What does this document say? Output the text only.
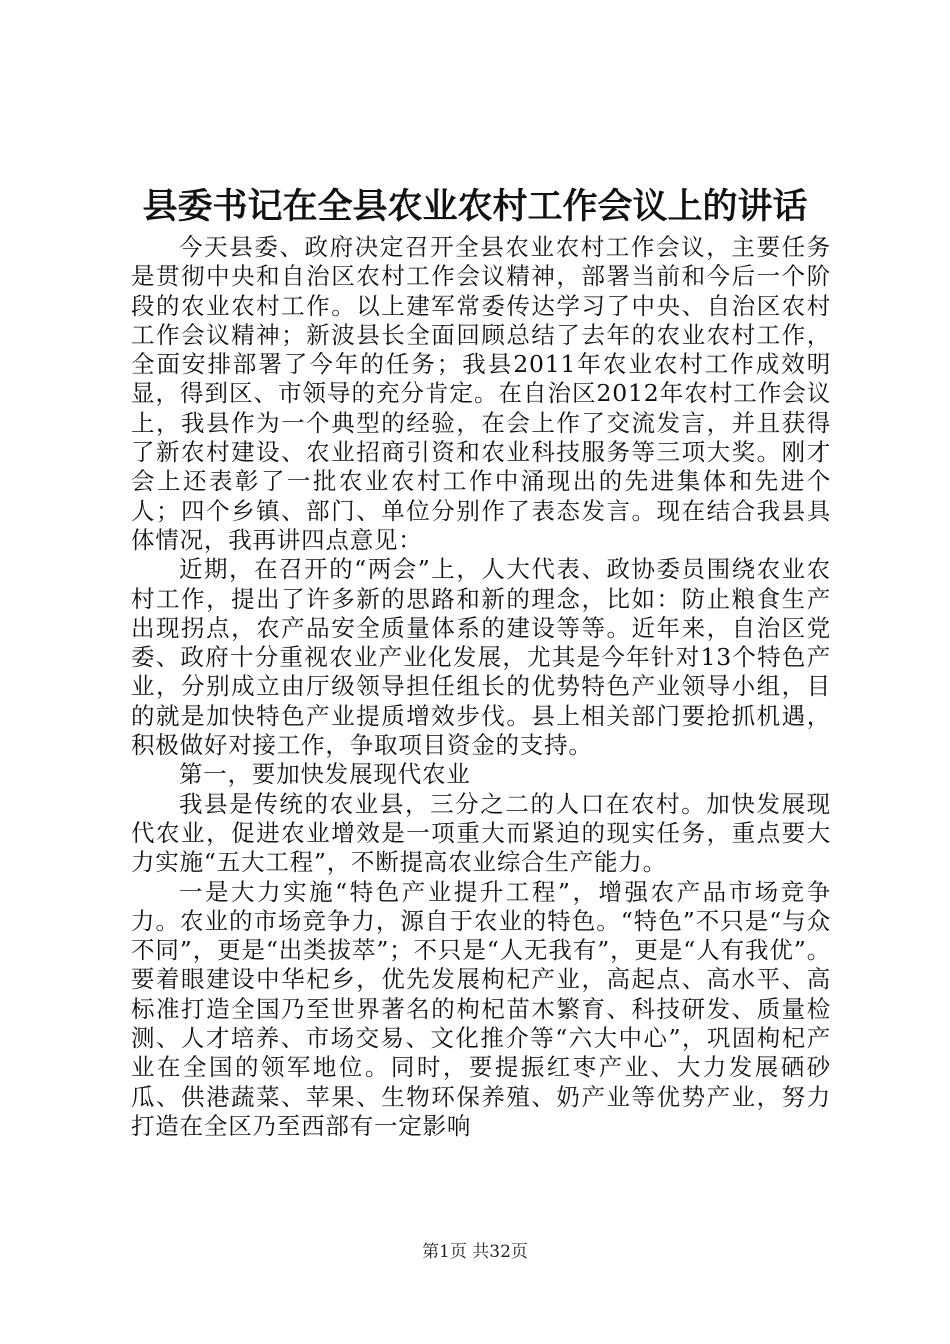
县委书记在全县农业农村工作会议上的讲话

今天县委、政府决定召开全县农业农村工作会议，主要任务是贯彻中央和自治区农村工作会议精神，部署当前和今后一个阶段的农业农村工作。以上建军常委传达学习了中央、自治区农村工作会议精神；新波县长全面回顾总结了去年的农业农村工作，全面安排部署了今年的任务；我县2011年农业农村工作成效明显，得到区、市领导的充分肯定。在自治区2012年农村工作会议上，我县作为一个典型的经验，在会上作了交流发言，并且获得了新农村建设、农业招商引资和农业科技服务等三项大奖。刚才会上还表彰了一批农业农村工作中涌现出的先进集体和先进个人；四个乡镇、部门、单位分别作了表态发言。现在结合我县具体情况，我再讲四点意见：

近期，在召开的“两会”上，人大代表、政协委员围绕农业农村工作，提出了许多新的思路和新的理念，比如：防止粮食生产出现拐点，农产品安全质量体系的建设等等。近年来，自治区党委、政府十分重视农业产业化发展，尤其是今年针对13个特色产业，分别成立由厅级领导担任组长的优势特色产业领导小组，目的就是加快特色产业提质增效步伐。县上相关部门要抢抓机遇，积极做好对接工作，争取项目资金的支持。

第一，要加快发展现代农业

我县是传统的农业县，三分之二的人口在农村。加快发展现代农业，促进农业增效是一项重大而紧迫的现实任务，重点要大力实施“五大工程”，不断提高农业综合生产能力。

一是大力实施“特色产业提升工程”，增强农产品市场竞争力。农业的市场竞争力，源自于农业的特色。“特色”不只是“与众不同”，更是“出类拔萃”；不只是“人无我有”，更是“人有我优”。要着眼建设中华杞乡，优先发展枸杞产业，高起点、高水平、高标准打造全国乃至世界著名的枸杞苗木繁育、科技研发、质量检测、人才培养、市场交易、文化推介等“六大中心”，巩固枸杞产业在全国的领军地位。同时，要提振红枣产业、大力发展硒砂瓜、供港蔬菜、苹果、生物环保养殖、奶产业等优势产业，努力打造在全区乃至西部有一定影响

第1页 共32页
